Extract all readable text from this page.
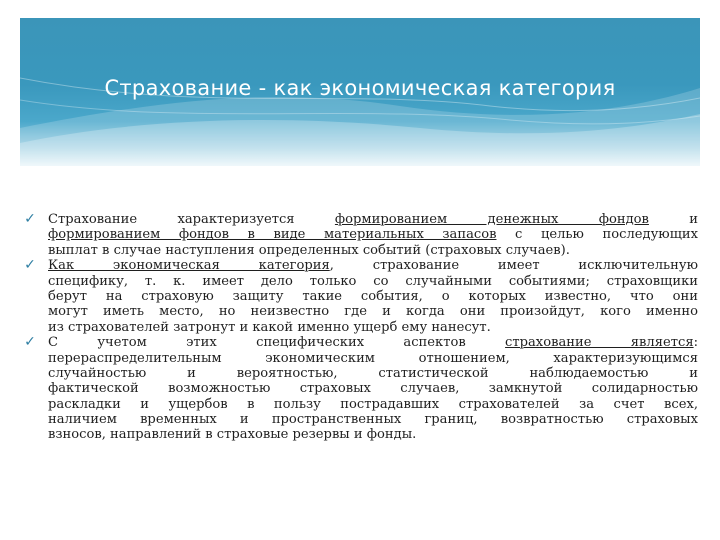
Страхование - как экономическая категория
✓ Страхование характеризуется формированием денежных фондов и
формированием фондов в виде материальных запасов с целью последующих
выплат в случае наступления определенных событий (страховых случаев).
✓ Как экономическая категория, страхование имеет исключительную
специфику, т. к. имеет дело только со случайными событиями; страховщики
берут на страховую защиту такие события, о которых известно, что они
могут иметь место, но неизвестно где и когда они произойдут, кого именно
из страхователей затронут и какой именно ущерб ему нанесут.
✓ С учетом этих специфических аспектов страхование является:
перераспределительным экономическим отношением, характеризующимся
случайностью и вероятностью, статистической наблюдаемостью и
фактической возможностью страховых случаев, замкнутой солидарностью
раскладки и ущербов в пользу пострадавших страхователей за счет всех,
наличием временных и пространственных границ, возвратностью страховых
взносов, направлений в страховые резервы и фонды.
